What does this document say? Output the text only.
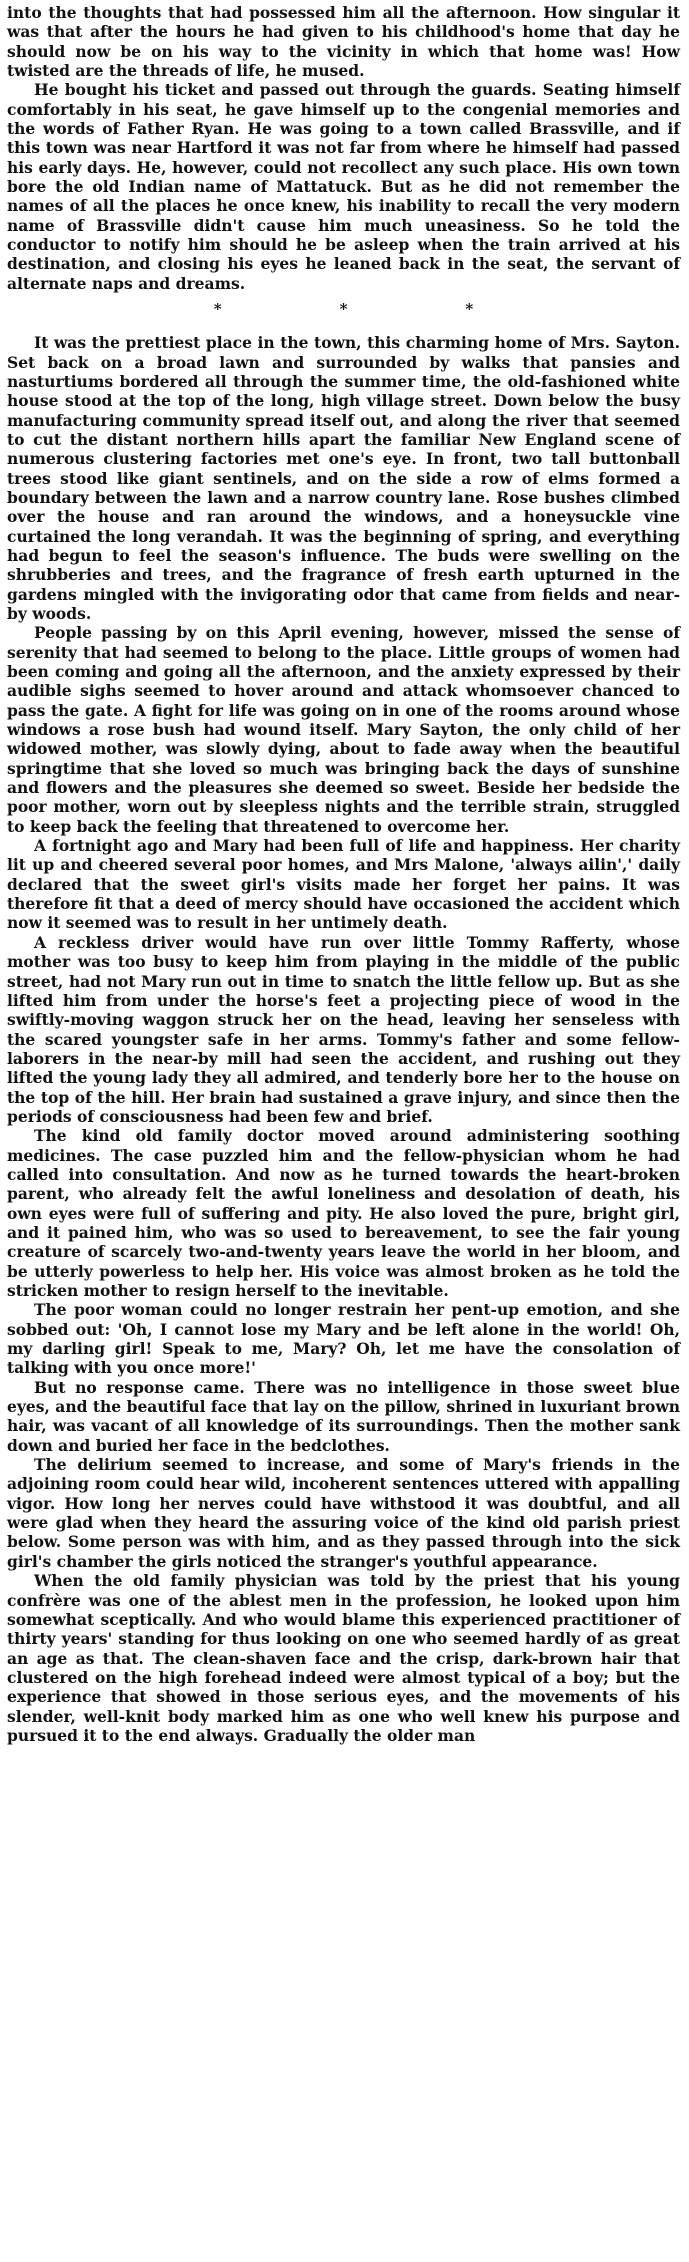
into the thoughts that had possessed him all the afternoon. How singular it was that after the hours he had given to his childhood's home that day he should now be on his way to the vicinity in which that home was! How twisted are the threads of life, he mused.

He bought his ticket and passed out through the guards. Seating himself comfortably in his seat, he gave himself up to the congenial memories and the words of Father Ryan. He was going to a town called Brassville, and if this town was near Hartford it was not far from where he himself had passed his early days. He, however, could not recollect any such place. His own town bore the old Indian name of Mattatuck. But as he did not remember the names of all the places he once knew, his inability to recall the very modern name of Brassville didn't cause him much uneasiness. So he told the conductor to notify him should he be asleep when the train arrived at his destination, and closing his eyes he leaned back in the seat, the servant of alternate naps and dreams.

*	*	*

It was the prettiest place in the town, this charming home of Mrs. Sayton. Set back on a broad lawn and surrounded by walks that pansies and nasturtiums bordered all through the summer time, the old-fashioned white house stood at the top of the long, high village street. Down below the busy manufacturing community spread itself out, and along the river that seemed to cut the distant northern hills apart the familiar New England scene of numerous clustering factories met one's eye. In front, two tall buttonball trees stood like giant sentinels, and on the side a row of elms formed a boundary between the lawn and a narrow country lane. Rose bushes climbed over the house and ran around the windows, and a honeysuckle vine curtained the long verandah. It was the beginning of spring, and everything had begun to feel the season's influence. The buds were swelling on the shrubberies and trees, and the fragrance of fresh earth upturned in the gardens mingled with the invigorating odor that came from fields and near-by woods.

People passing by on this April evening, however, missed the sense of serenity that had seemed to belong to the place. Little groups of women had been coming and going all the afternoon, and the anxiety expressed by their audible sighs seemed to hover around and attack whomsoever chanced to pass the gate. A fight for life was going on in one of the rooms around whose windows a rose bush had wound itself. Mary Sayton, the only child of her widowed mother, was slowly dying, about to fade away when the beautiful springtime that she loved so much was bringing back the days of sunshine and flowers and the pleasures she deemed so sweet. Beside her bedside the poor mother, worn out by sleepless nights and the terrible strain, struggled to keep back the feeling that threatened to overcome her.

A fortnight ago and Mary had been full of life and happiness. Her charity lit up and cheered several poor homes, and Mrs Malone, 'always ailin',' daily declared that the sweet girl's visits made her forget her pains. It was therefore fit that a deed of mercy should have occasioned the accident which now it seemed was to result in her untimely death.

A reckless driver would have run over little Tommy Rafferty, whose mother was too busy to keep him from playing in the middle of the public street, had not Mary run out in time to snatch the little fellow up. But as she lifted him from under the horse's feet a projecting piece of wood in the swiftly-moving waggon struck her on the head, leaving her senseless with the scared youngster safe in her arms. Tommy's father and some fellow-laborers in the near-by mill had seen the accident, and rushing out they lifted the young lady they all admired, and tenderly bore her to the house on the top of the hill. Her brain had sustained a grave injury, and since then the periods of consciousness had been few and brief.

The kind old family doctor moved around administering soothing medicines. The case puzzled him and the fellow-physician whom he had called into consultation. And now as he turned towards the heart-broken parent, who already felt the awful loneliness and desolation of death, his own eyes were full of suffering and pity. He also loved the pure, bright girl, and it pained him, who was so used to bereavement, to see the fair young creature of scarcely two-and-twenty years leave the world in her bloom, and be utterly powerless to help her. His voice was almost broken as he told the stricken mother to resign herself to the inevitable.

The poor woman could no longer restrain her pent-up emotion, and she sobbed out: 'Oh, I cannot lose my Mary and be left alone in the world! Oh, my darling girl! Speak to me, Mary? Oh, let me have the consolation of talking with you once more!'

But no response came. There was no intelligence in those sweet blue eyes, and the beautiful face that lay on the pillow, shrined in luxuriant brown hair, was vacant of all knowledge of its surroundings. Then the mother sank down and buried her face in the bedclothes.

The delirium seemed to increase, and some of Mary's friends in the adjoining room could hear wild, incoherent sentences uttered with appalling vigor. How long her nerves could have withstood it was doubtful, and all were glad when they heard the assuring voice of the kind old parish priest below. Some person was with him, and as they passed through into the sick girl's chamber the girls noticed the stranger's youthful appearance.

When the old family physician was told by the priest that his young confrère was one of the ablest men in the profession, he looked upon him somewhat sceptically. And who would blame this experienced practitioner of thirty years' standing for thus looking on one who seemed hardly of as great an age as that. The clean-shaven face and the crisp, dark-brown hair that clustered on the high forehead indeed were almost typical of a boy; but the experience that showed in those serious eyes, and the movements of his slender, well-knit body marked him as one who well knew his purpose and pursued it to the end always. Gradually the older man
